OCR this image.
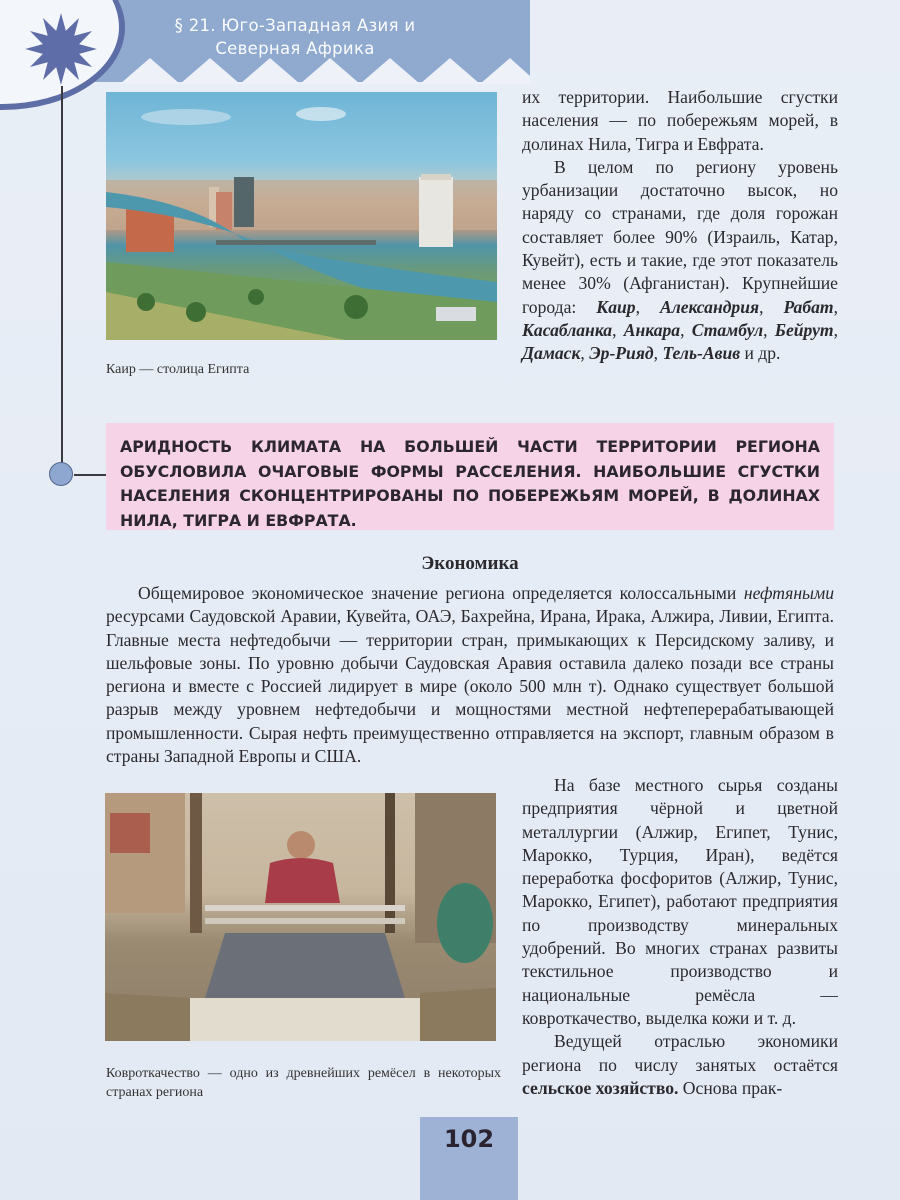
§ 21. Юго-Западная Азия и
Северная Африка
Каир — столица Египта

их территории. Наибольшие сгустки населения — по побережьям морей, в долинах Нила, Тигра и Евфрата.

В целом по региону уровень урбанизации достаточно высок, но наряду со странами, где доля горожан составляет более 90% (Израиль, Катар, Кувейт), есть и такие, где этот показатель менее 30% (Афганистан). Крупнейшие города: Каир, Александрия, Рабат, Касабланка, Анкара, Стамбул, Бейрут, Дамаск, Эр-Рияд, Тель-Авив и др.

АРИДНОСТЬ КЛИМАТА НА БОЛЬШЕЙ ЧАСТИ ТЕРРИТОРИИ РЕГИОНА ОБУСЛОВИЛА ОЧАГОВЫЕ ФОРМЫ РАССЕЛЕНИЯ. НАИБОЛЬШИЕ СГУСТКИ НАСЕЛЕНИЯ СКОНЦЕНТРИРОВАНЫ ПО ПОБЕРЕЖЬЯМ МОРЕЙ, В ДОЛИНАХ НИЛА, ТИГРА И ЕВФРАТА.

Экономика

Общемировое экономическое значение региона определяется колоссальными нефтяными ресурсами Саудовской Аравии, Кувейта, ОАЭ, Бахрейна, Ирана, Ирака, Алжира, Ливии, Египта. Главные места нефтедобычи — территории стран, примыкающих к Персидскому заливу, и шельфовые зоны. По уровню добычи Саудовская Аравия оставила далеко позади все страны региона и вместе с Россией лидирует в мире (около 500 млн т). Однако существует большой разрыв между уровнем нефтедобычи и мощностями местной нефтеперерабатывающей промышленности. Сырая нефть преимущественно отправляется на экспорт, главным образом в страны Западной Европы и США.

На базе местного сырья созданы предприятия чёрной и цветной металлургии (Алжир, Египет, Тунис, Марокко, Турция, Иран), ведётся переработка фосфоритов (Алжир, Тунис, Марокко, Египет), работают предприятия по производству минеральных удобрений. Во многих странах развиты текстильное производство и национальные ремёсла — ковроткачество, выделка кожи и т. д.

Ведущей отраслью экономики региона по числу занятых остаётся сельское хозяйство. Основа прак-

Ковроткачество — одно из древнейших ремёсел в некоторых странах региона
102
